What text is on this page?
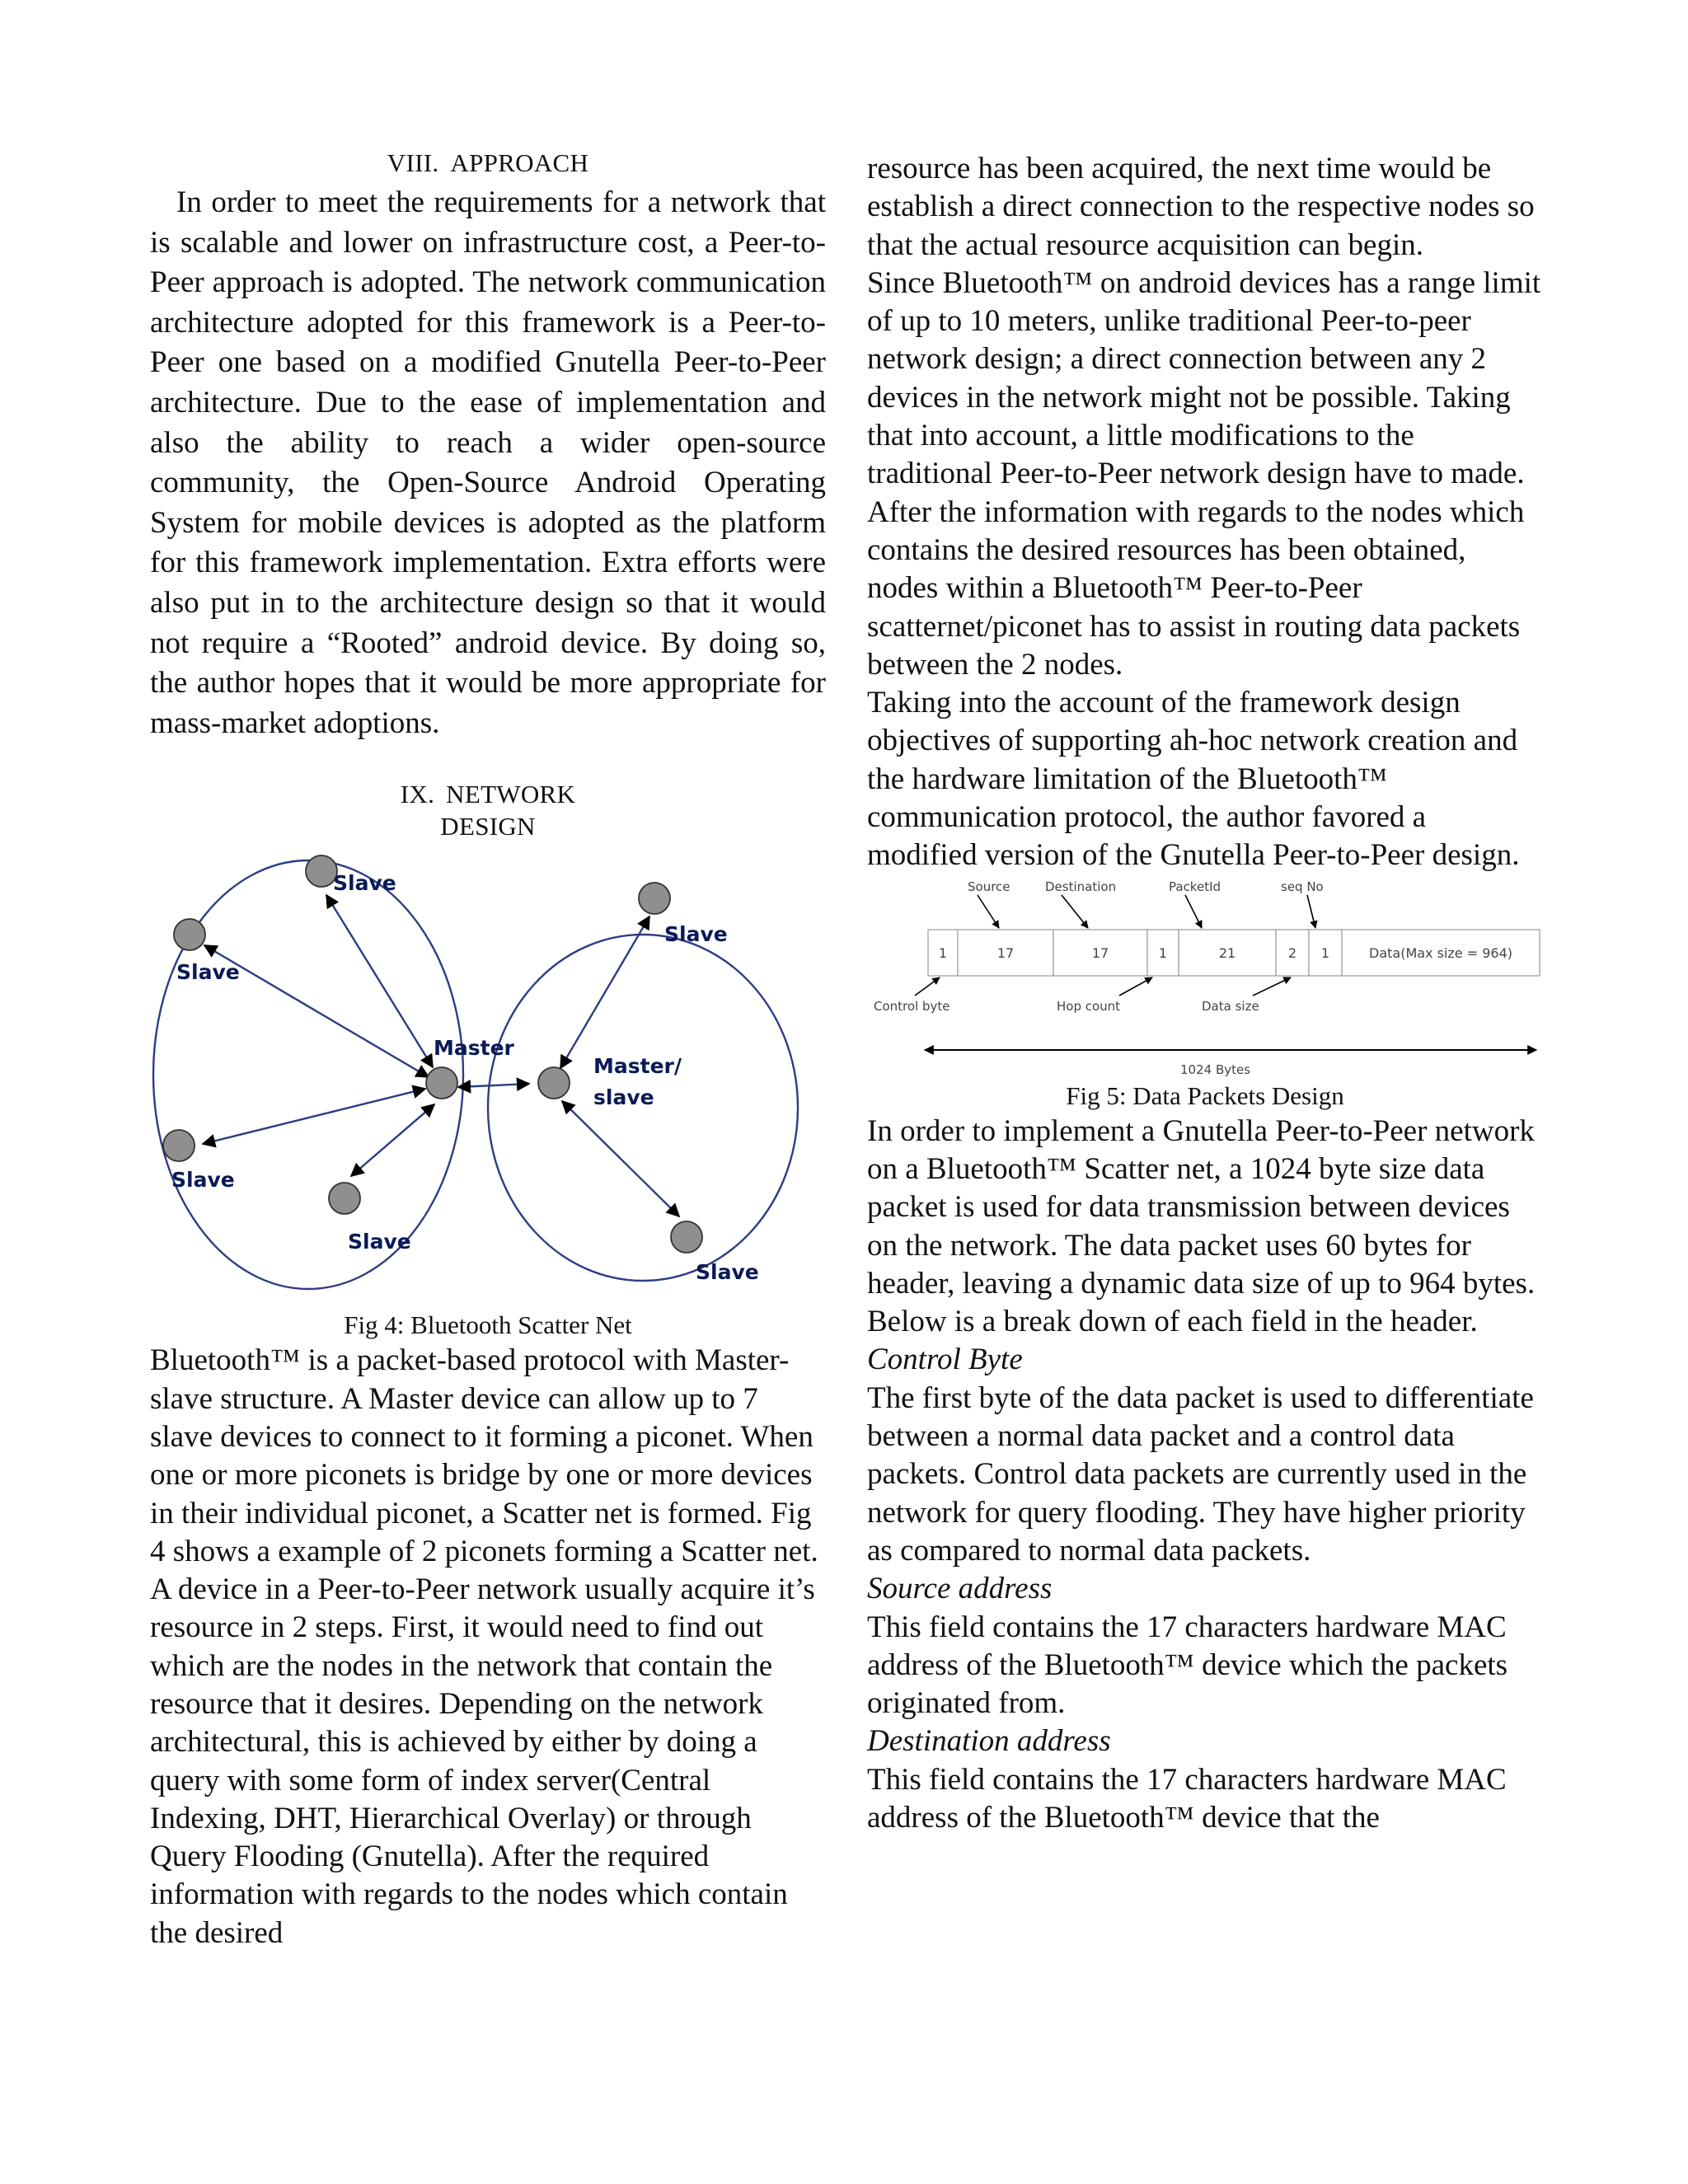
VIII. APPROACH

In order to meet the requirements for a network that is scalable and lower on infrastructure cost, a Peer-to-Peer approach is adopted. The network communication architecture adopted for this framework is a Peer-to-Peer one based on a modified Gnutella Peer-to-Peer architecture. Due to the ease of implementation and also the ability to reach a wider open-source community, the Open-Source Android Operating System for mobile devices is adopted as the platform for this framework implementation. Extra efforts were also put in to the architecture design so that it would not require a “Rooted” android device. By doing so, the author hopes that it would be more appropriate for mass-market adoptions.

IX. NETWORK
DESIGN

Master
Master/
slave
Slave
Slave
Slave
Slave
Slave
Slave

Fig 4: Bluetooth Scatter Net

Bluetooth™ is a packet-based protocol with Master-slave structure. A Master device can allow up to 7 slave devices to connect to it forming a piconet. When one or more piconets is bridge by one or more devices in their individual piconet, a Scatter net is formed. Fig 4 shows a example of 2 piconets forming a Scatter net.

A device in a Peer-to-Peer network usually acquire it’s resource in 2 steps. First, it would need to find out which are the nodes in the network that contain the resource that it desires. Depending on the network architectural, this is achieved by either by doing a query with some form of index server(Central Indexing, DHT, Hierarchical Overlay) or through Query Flooding (Gnutella). After the required information with regards to the nodes which contain the desired

resource has been acquired, the next time would be establish a direct connection to the respective nodes so that the actual resource acquisition can begin.

Since Bluetooth™ on android devices has a range limit of up to 10 meters, unlike traditional Peer-to-peer network design; a direct connection between any 2 devices in the network might not be possible. Taking that into account, a little modifications to the traditional Peer-to-Peer network design have to made.

After the information with regards to the nodes which contains the desired resources has been obtained, nodes within a Bluetooth™ Peer-to-Peer scatternet/piconet has to assist in routing data packets between the 2 nodes.

Taking into the account of the framework design objectives of supporting ah-hoc network creation and the hardware limitation of the Bluetooth™ communication protocol, the author favored a modified version of the Gnutella Peer-to-Peer design.

Source	Destination	PacketId	seq No
Control byte	Hop count	Data size
1024 Bytes
1	17	17	1	21	2 1	Data(Max size = 964)

Fig 5: Data Packets Design

In order to implement a Gnutella Peer-to-Peer network on a Bluetooth™ Scatter net, a 1024 byte size data packet is used for data transmission between devices on the network. The data packet uses 60 bytes for header, leaving a dynamic data size of up to 964 bytes. Below is a break down of each field in the header.

Control Byte

The first byte of the data packet is used to differentiate between a normal data packet and a control data packets. Control data packets are currently used in the network for query flooding. They have higher priority as compared to normal data packets.

Source address

This field contains the 17 characters hardware MAC address of the Bluetooth™ device which the packets originated from.

Destination address

This field contains the 17 characters hardware MAC address of the Bluetooth™ device that the
